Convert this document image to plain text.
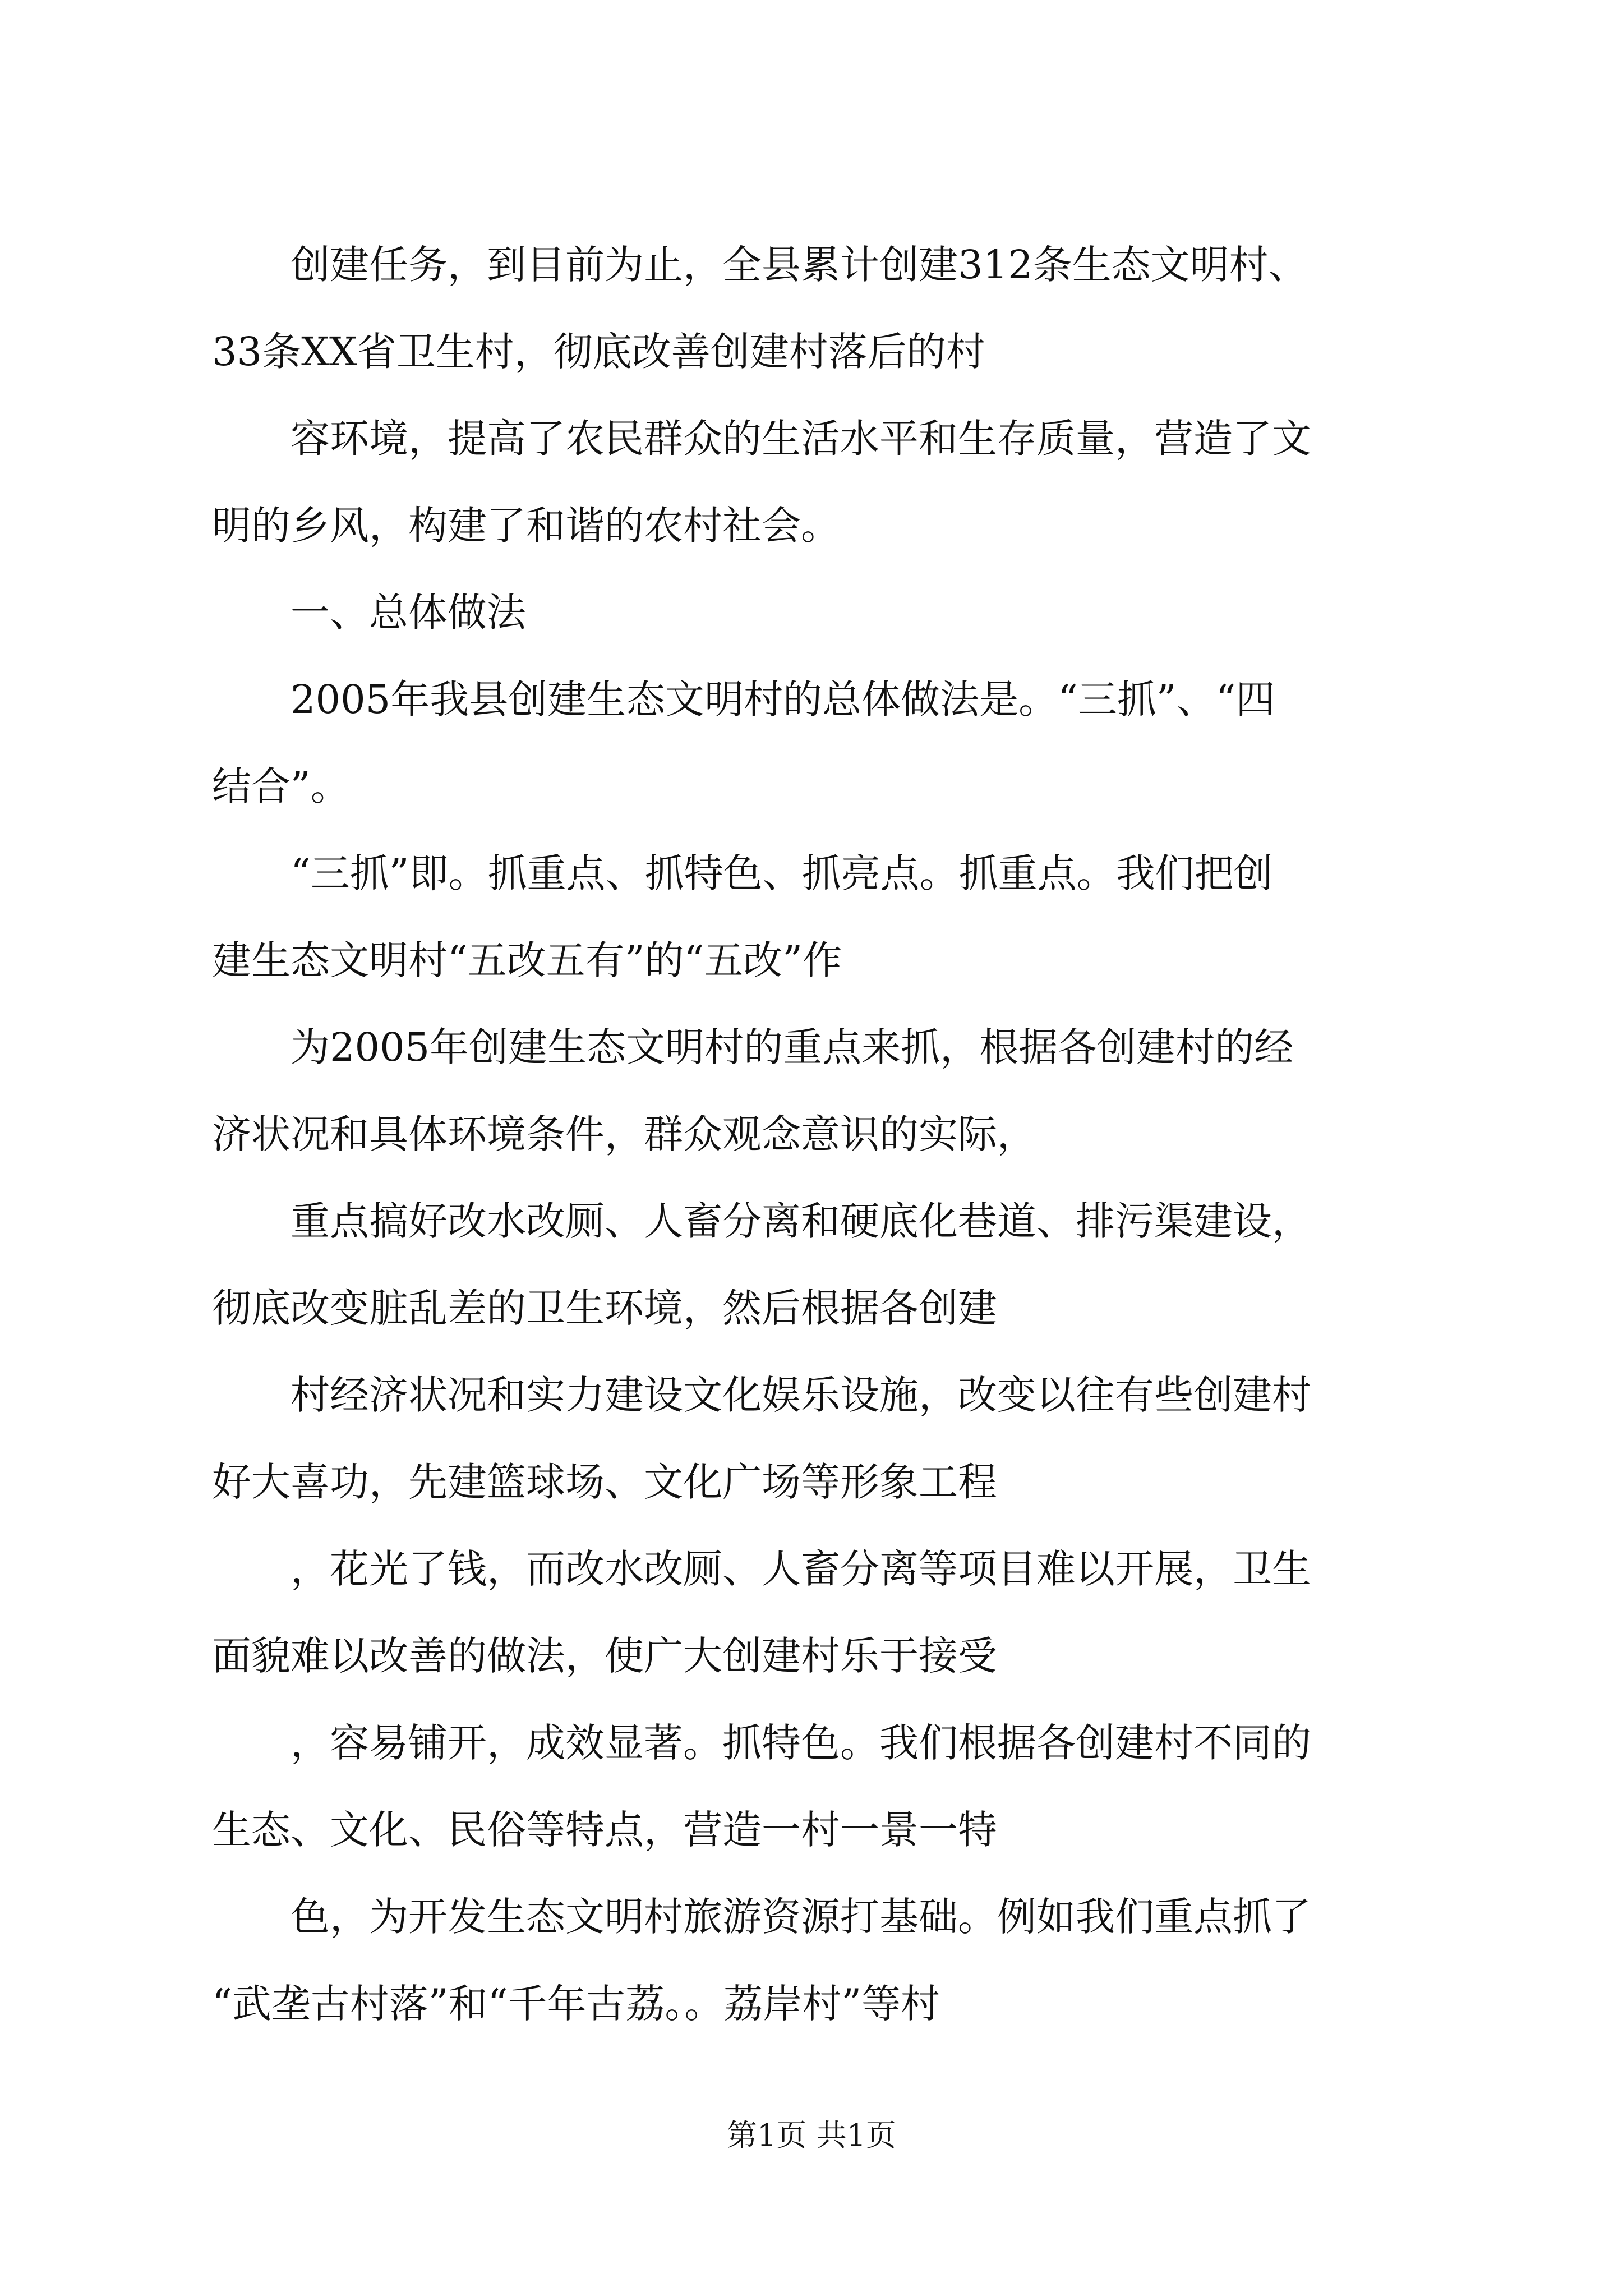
创建任务，到目前为止，全县累计创建312条生态文明村、
33条XX省卫生村，彻底改善创建村落后的村
容环境，提高了农民群众的生活水平和生存质量，营造了文
明的乡风，构建了和谐的农村社会。
一、总体做法
2005年我县创建生态文明村的总体做法是。“三抓”、“四
结合”。
“三抓”即。抓重点、抓特色、抓亮点。抓重点。我们把创
建生态文明村“五改五有”的“五改”作
为2005年创建生态文明村的重点来抓，根据各创建村的经
济状况和具体环境条件，群众观念意识的实际，
重点搞好改水改厕、人畜分离和硬底化巷道、排污渠建设，
彻底改变脏乱差的卫生环境，然后根据各创建
村经济状况和实力建设文化娱乐设施，改变以往有些创建村
好大喜功，先建篮球场、文化广场等形象工程
，花光了钱，而改水改厕、人畜分离等项目难以开展，卫生
面貌难以改善的做法，使广大创建村乐于接受
，容易铺开，成效显著。抓特色。我们根据各创建村不同的
生态、文化、民俗等特点，营造一村一景一特
色，为开发生态文明村旅游资源打基础。例如我们重点抓了
“武垄古村落”和“千年古荔。。荔岸村”等村

第1页 共1页
